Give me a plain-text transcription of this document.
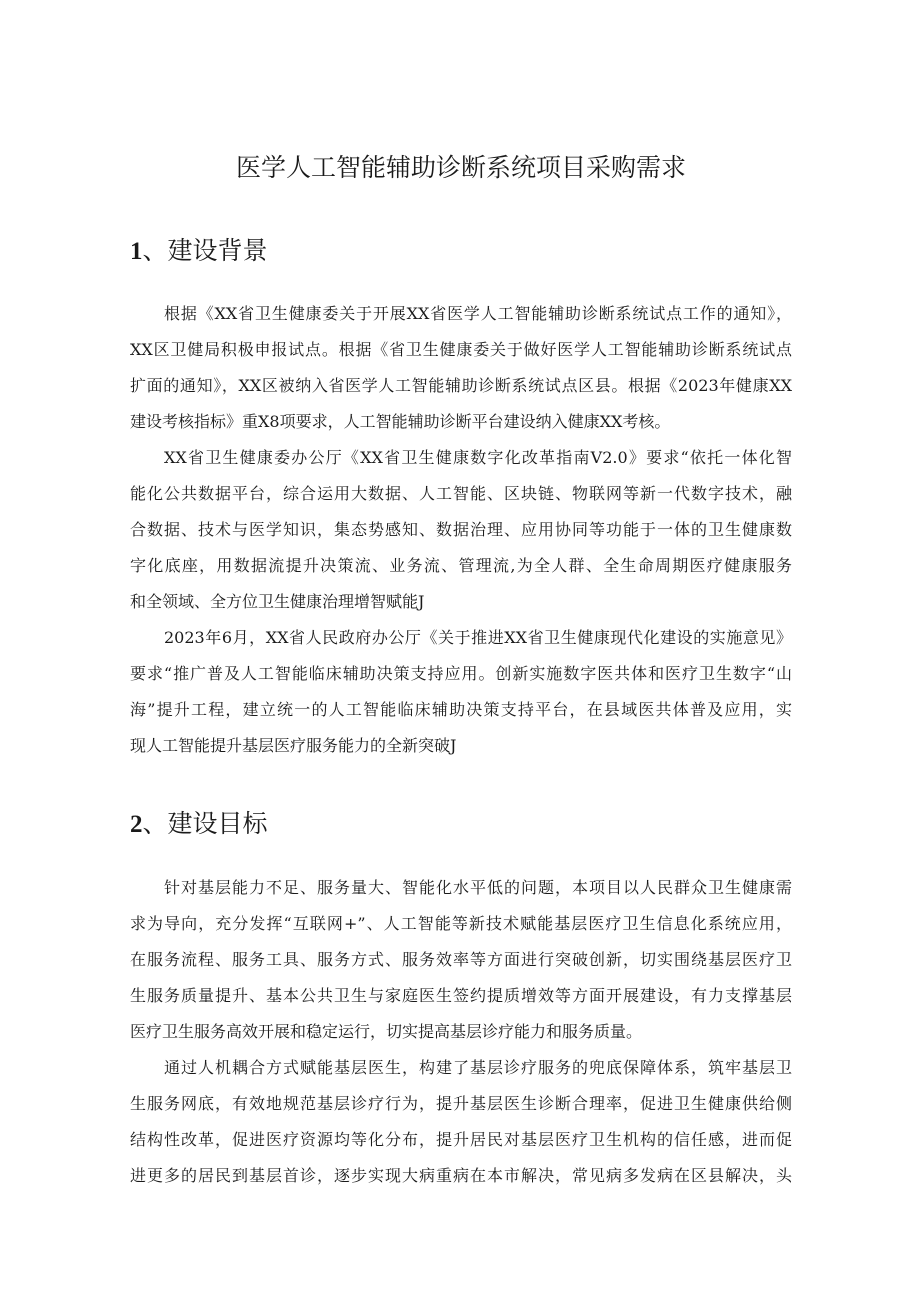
医学人工智能辅助诊断系统项目采购需求
1、建设背景
根据《XX省卫生健康委关于开展XX省医学人工智能辅助诊断系统试点工作的通知》，
XX区卫健局积极申报试点。根据《省卫生健康委关于做好医学人工智能辅助诊断系统试点
扩面的通知》，XX区被纳入省医学人工智能辅助诊断系统试点区县。根据《2023年健康XX
建设考核指标》重X8项要求，人工智能辅助诊断平台建设纳入健康XX考核。
XX省卫生健康委办公厅《XX省卫生健康数字化改革指南V2.0》要求“依托一体化智
能化公共数据平台，综合运用大数据、人工智能、区块链、物联网等新一代数字技术，融
合数据、技术与医学知识，集态势感知、数据治理、应用协同等功能于一体的卫生健康数
字化底座，用数据流提升决策流、业务流、管理流,为全人群、全生命周期医疗健康服务
和全领域、全方位卫生健康治理增智赋能J
2023年6月，XX省人民政府办公厅《关于推进XX省卫生健康现代化建设的实施意见》
要求“推广普及人工智能临床辅助决策支持应用。创新实施数字医共体和医疗卫生数字“山
海”提升工程，建立统一的人工智能临床辅助决策支持平台，在县域医共体普及应用，实
现人工智能提升基层医疗服务能力的全新突破J
2、建设目标
针对基层能力不足、服务量大、智能化水平低的问题，本项目以人民群众卫生健康需
求为导向，充分发挥“互联网+”、人工智能等新技术赋能基层医疗卫生信息化系统应用，
在服务流程、服务工具、服务方式、服务效率等方面进行突破创新，切实围绕基层医疗卫
生服务质量提升、基本公共卫生与家庭医生签约提质增效等方面开展建设，有力支撑基层
医疗卫生服务高效开展和稳定运行，切实提高基层诊疗能力和服务质量。
通过人机耦合方式赋能基层医生，构建了基层诊疗服务的兜底保障体系，筑牢基层卫
生服务网底，有效地规范基层诊疗行为，提升基层医生诊断合理率，促进卫生健康供给侧
结构性改革，促进医疗资源均等化分布，提升居民对基层医疗卫生机构的信任感，进而促
进更多的居民到基层首诊，逐步实现大病重病在本市解决，常见病多发病在区县解决，头
